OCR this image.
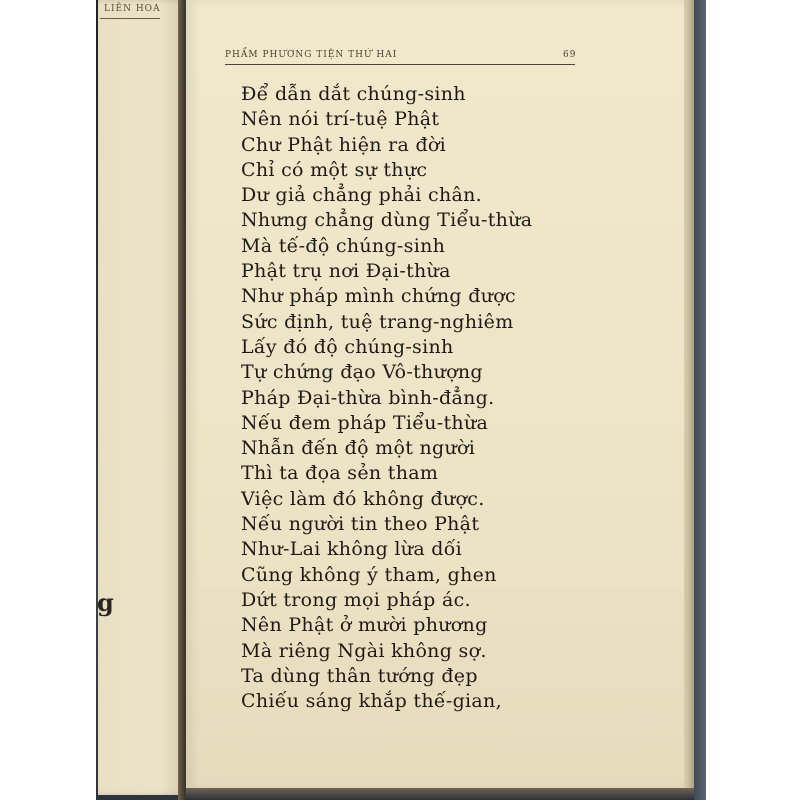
LIÊN HOA
g
PHẨM PHƯƠNG TIỆN THỨ HAI	69
Để dẫn dắt chúng-sinh
Nên nói trí-tuệ Phật
Chư Phật hiện ra đời
Chỉ có một sự thực
Dư giả chẳng phải chân.
Nhưng chẳng dùng Tiểu-thừa
Mà tế-độ chúng-sinh
Phật trụ nơi Đại-thừa
Như pháp mình chứng được
Sức định, tuệ trang-nghiêm
Lấy đó độ chúng-sinh
Tự chứng đạo Vô-thượng
Pháp Đại-thừa bình-đẳng.
Nếu đem pháp Tiểu-thừa
Nhẫn đến độ một người
Thì ta đọa sẻn tham
Việc làm đó không được.
Nếu người tin theo Phật
Như-Lai không lừa dối
Cũng không ý tham, ghen
Dứt trong mọi pháp ác.
Nên Phật ở mười phương
Mà riêng Ngài không sợ.
Ta dùng thân tướng đẹp
Chiếu sáng khắp thế-gian,
